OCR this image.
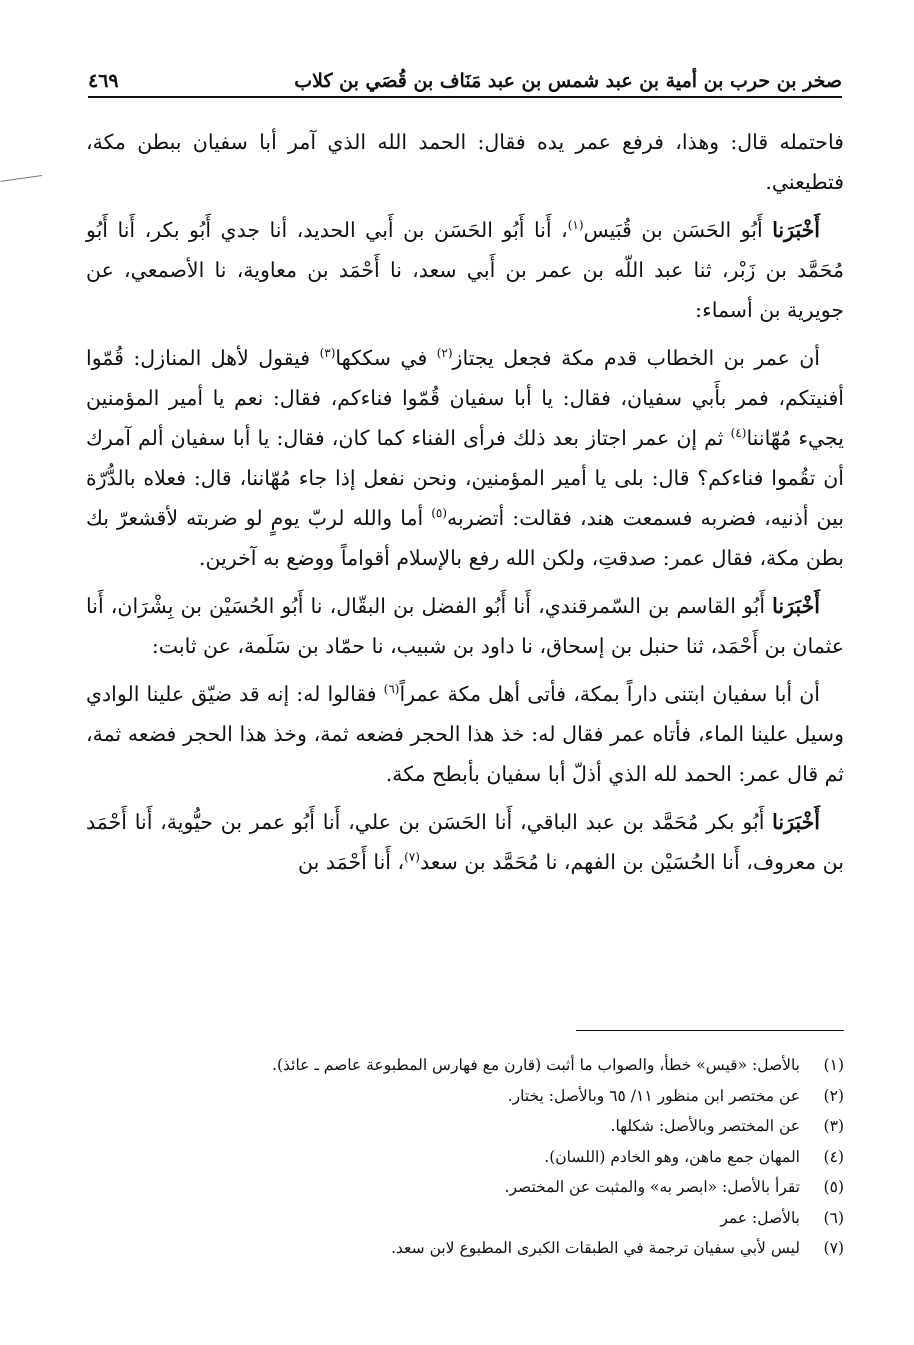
صخر بن حرب بن أمية بن عبد شمس بن عبد مَنَاف بن قُصَي بن كلاب
٤٦٩

فاحتمله قال: وهذا، فرفع عمر يده فقال: الحمد الله الذي آمر أبا سفيان ببطن مكة، فتطيعني.

أَخْبَرَنا أَبُو الحَسَن بن قُبَيس$^{(١)}$، أَنا أَبُو الحَسَن بن أَبي الحديد، أنا جدي أَبُو بكر، أَنا أَبُو مُحَمَّد بن زَبْر، ثنا عبد اللّه بن عمر بن أَبي سعد، نا أَحْمَد بن معاوية، نا الأصمعي، عن جويرية بن أسماء:

أن عمر بن الخطاب قدم مكة فجعل يجتاز$^{(٢)}$ في سككها$^{(٣)}$ فيقول لأهل المنازل: قُمّوا أفنيتكم، فمر بأَبي سفيان، فقال: يا أبا سفيان قُمّوا فناءكم، فقال: نعم يا أمير المؤمنين يجيء مُهّاننا$^{(٤)}$ ثم إن عمر اجتاز بعد ذلك فرأى الفناء كما كان، فقال: يا أبا سفيان ألم آمرك أن تقُموا فناءكم؟ قال: بلى يا أمير المؤمنين، ونحن نفعل إذا جاء مُهّاننا، قال: فعلاه بالدُّرّة بين أذنيه، فضربه فسمعت هند، فقالت: أتضربه$^{(٥)}$ أما والله لربّ يومٍ لو ضربته لأقشعرّ بك بطن مكة، فقال عمر: صدقتِ، ولكن الله رفع بالإسلام أقواماً ووضع به آخرين.

أَخْبَرَنا أَبُو القاسم بن السّمرقندي، أَنا أَبُو الفضل بن البقّال، نا أَبُو الحُسَيْن بن بِشْرَان، أَنا عثمان بن أَحْمَد، ثنا حنبل بن إسحاق، نا داود بن شبيب، نا حمّاد بن سَلَمة، عن ثابت:

أن أبا سفيان ابتنى داراً بمكة، فأتى أهل مكة عمراً$^{(٦)}$ فقالوا له: إنه قد ضيّق علينا الوادي وسيل علينا الماء، فأتاه عمر فقال له: خذ هذا الحجر فضعه ثمة، وخذ هذا الحجر فضعه ثمة، ثم قال عمر: الحمد لله الذي أذلّ أبا سفيان بأبطح مكة.

أَخْبَرَنا أَبُو بكر مُحَمَّد بن عبد الباقي، أَنا الحَسَن بن علي، أَنا أَبُو عمر بن حيُّوية، أَنا أَحْمَد بن معروف، أَنا الحُسَيْن بن الفهم، نا مُحَمَّد بن سعد$^{(٧)}$، أَنا أَحْمَد بن

(١)
بالأصل: «قيس» خطأ، والصواب ما أثبت (قارن مع فهارس المطبوعة عاصم ـ عائذ).
(٢)
عن مختصر ابن منظور ١١/ ٦٥ وبالأصل: يختار.
(٣)
عن المختصر وبالأصل: شكلها.
(٤)
المهان جمع ماهن، وهو الخادم (اللسان).
(٥)
تقرأ بالأصل: «ابصر به» والمثبت عن المختصر.
(٦)
بالأصل: عمر
(٧)
ليس لأبي سفيان ترجمة في الطبقات الكبرى المطبوع لابن سعد.
